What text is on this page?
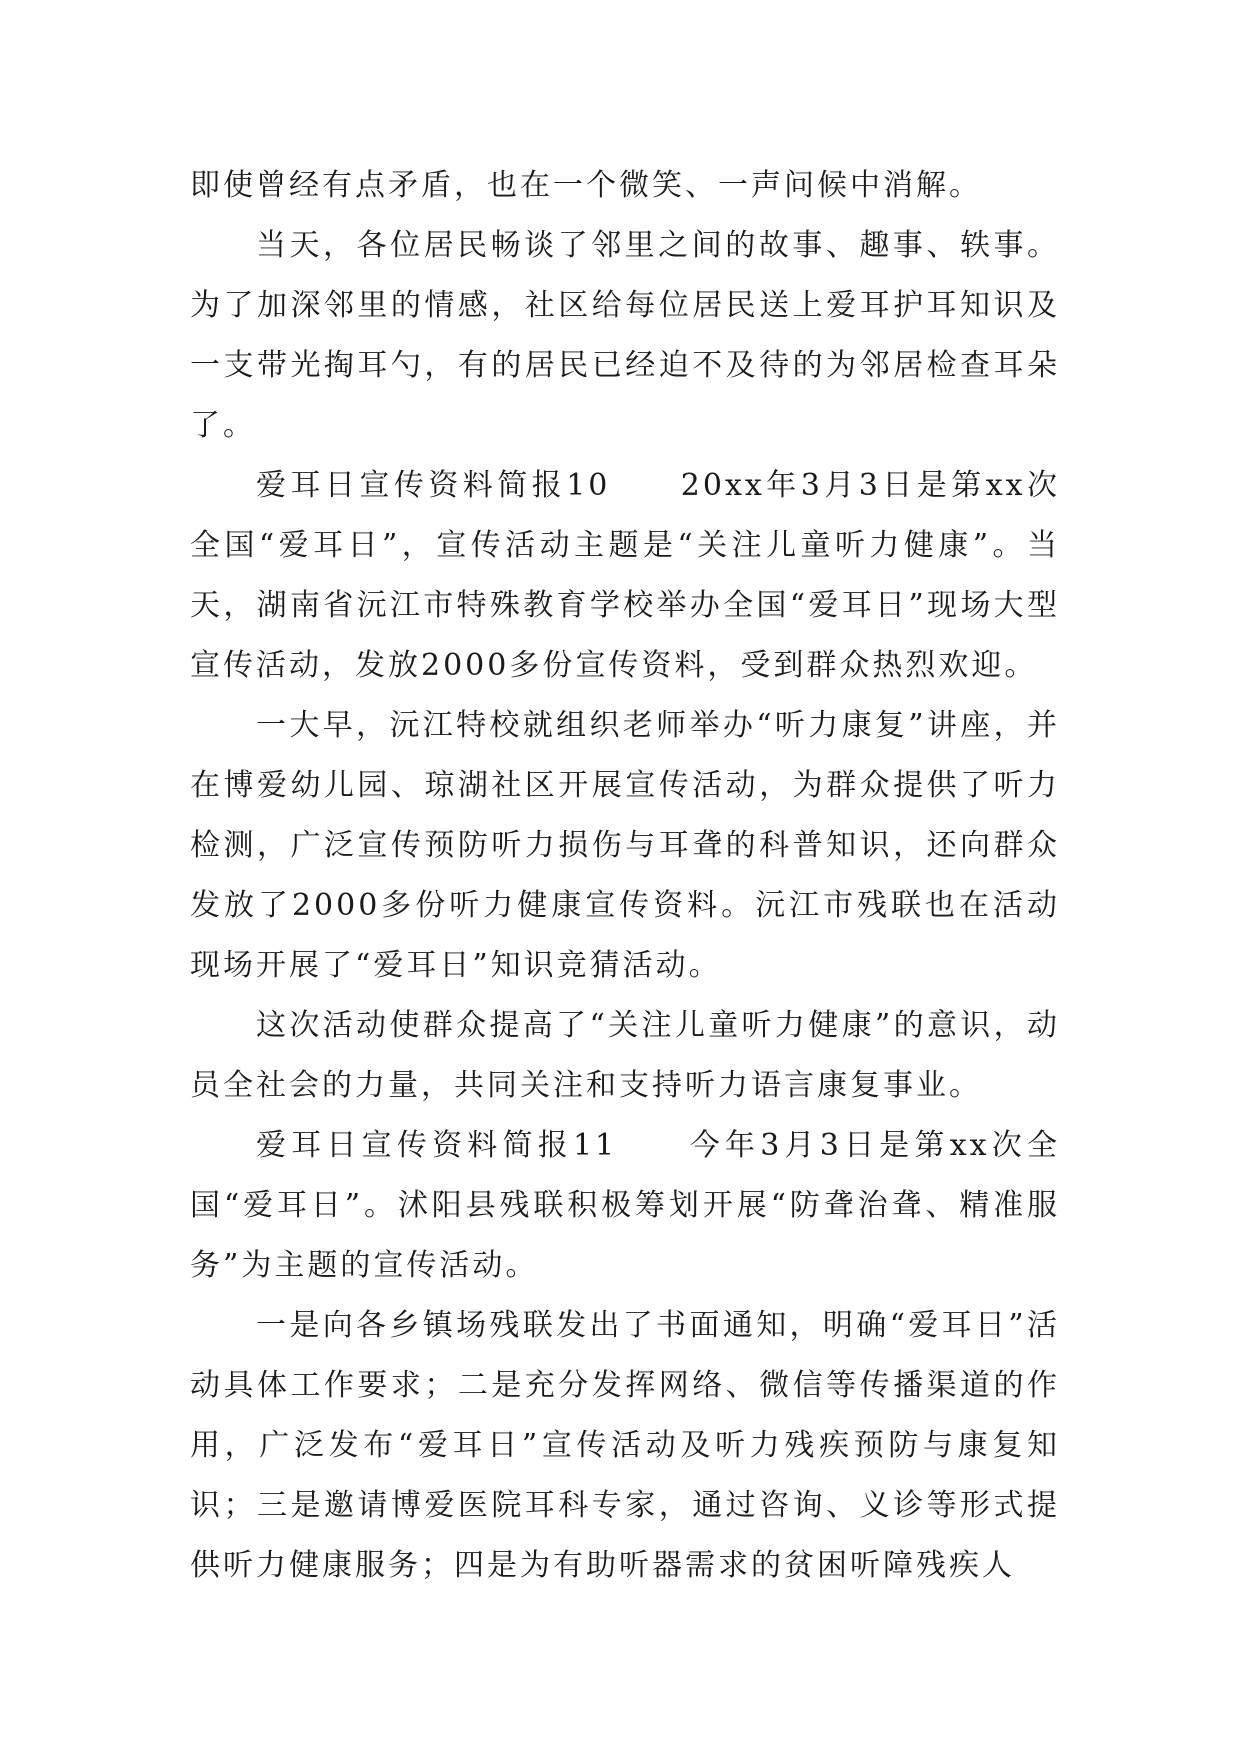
即使曾经有点矛盾，也在一个微笑、一声问候中消解。

当天，各位居民畅谈了邻里之间的故事、趣事、轶事。为了加深邻里的情感，社区给每位居民送上爱耳护耳知识及一支带光掏耳勺，有的居民已经迫不及待的为邻居检查耳朵了。

爱耳日宣传资料简报10　　20xx年3月3日是第xx次全国“爱耳日”，宣传活动主题是“关注儿童听力健康”。当天，湖南省沅江市特殊教育学校举办全国“爱耳日”现场大型宣传活动，发放2000多份宣传资料，受到群众热烈欢迎。

一大早，沅江特校就组织老师举办“听力康复”讲座，并在博爱幼儿园、琼湖社区开展宣传活动，为群众提供了听力检测，广泛宣传预防听力损伤与耳聋的科普知识，还向群众发放了2000多份听力健康宣传资料。沅江市残联也在活动现场开展了“爱耳日”知识竞猜活动。

这次活动使群众提高了“关注儿童听力健康”的意识，动员全社会的力量，共同关注和支持听力语言康复事业。

爱耳日宣传资料简报11　　今年3月3日是第xx次全国“爱耳日”。沭阳县残联积极筹划开展“防聋治聋、精准服务”为主题的宣传活动。

一是向各乡镇场残联发出了书面通知，明确“爱耳日”活动具体工作要求；二是充分发挥网络、微信等传播渠道的作用，广泛发布“爱耳日”宣传活动及听力残疾预防与康复知识；三是邀请博爱医院耳科专家，通过咨询、义诊等形式提供听力健康服务；四是为有助听器需求的贫困听障残疾人
